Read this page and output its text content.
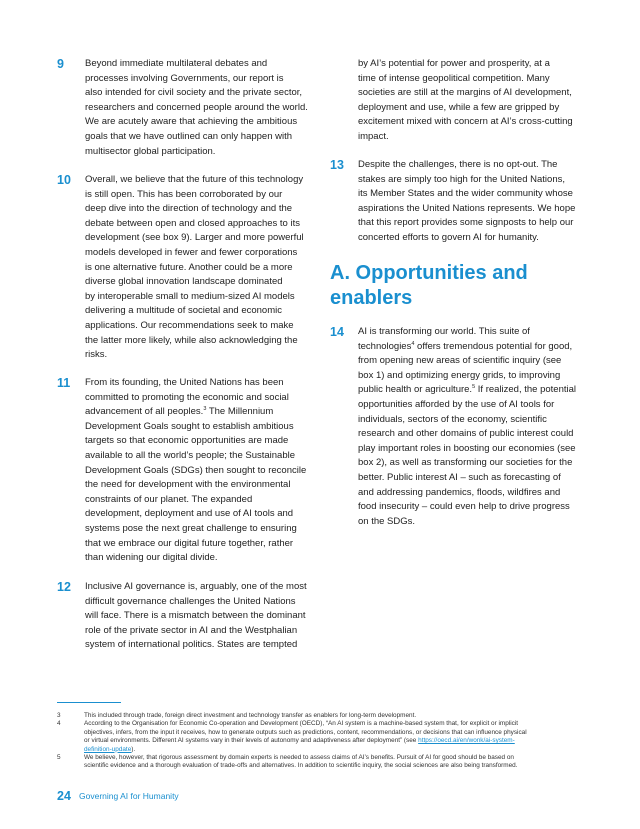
9 Beyond immediate multilateral debates and
processes involving Governments, our report is
also intended for civil society and the private sector,
researchers and concerned people around the world.
We are acutely aware that achieving the ambitious
goals that we have outlined can only happen with
multisector global participation.
10 Overall, we believe that the future of this technology
is still open. This has been corroborated by our
deep dive into the direction of technology and the
debate between open and closed approaches to its
development (see box 9). Larger and more powerful
models developed in fewer and fewer corporations
is one alternative future. Another could be a more
diverse global innovation landscape dominated
by interoperable small to medium-sized AI models
delivering a multitude of societal and economic
applications. Our recommendations seek to make
the latter more likely, while also acknowledging the
risks.
11 From its founding, the United Nations has been
committed to promoting the economic and social
advancement of all peoples.$^3$ The Millennium
Development Goals sought to establish ambitious
targets so that economic opportunities are made
available to all the world’s people; the Sustainable
Development Goals (SDGs) then sought to reconcile
the need for development with the environmental
constraints of our planet. The expanded
development, deployment and use of AI tools and
systems pose the next great challenge to ensuring
that we embrace our digital future together, rather
than widening our digital divide.
12 Inclusive AI governance is, arguably, one of the most
difficult governance challenges the United Nations
will face. There is a mismatch between the dominant
role of the private sector in AI and the Westphalian
system of international politics. States are tempted
by AI’s potential for power and prosperity, at a
time of intense geopolitical competition. Many
societies are still at the margins of AI development,
deployment and use, while a few are gripped by
excitement mixed with concern at AI’s cross-cutting
impact.
13 Despite the challenges, there is no opt-out. The
stakes are simply too high for the United Nations,
its Member States and the wider community whose
aspirations the United Nations represents. We hope
that this report provides some signposts to help our
concerted efforts to govern AI for humanity.
A. Opportunities and
enablers
14 AI is transforming our world. This suite of
technologies$^4$ offers tremendous potential for good,
from opening new areas of scientific inquiry (see
box 1) and optimizing energy grids, to improving
public health or agriculture.$^5$ If realized, the potential
opportunities afforded by the use of AI tools for
individuals, sectors of the economy, scientific
research and other domains of public interest could
play important roles in boosting our economies (see
box 2), as well as transforming our societies for the
better. Public interest AI – such as forecasting of
and addressing pandemics, floods, wildfires and
food insecurity – could even help to drive progress
on the SDGs.
3	This included through trade, foreign direct investment and technology transfer as enablers for long-term development.
4	According to the Organisation for Economic Co-operation and Development (OECD), “An AI system is a machine-based system that, for explicit or implicit
objectives, infers, from the input it receives, how to generate outputs such as predictions, content, recommendations, or decisions that can influence physical
or virtual environments. Different AI systems vary in their levels of autonomy and adaptiveness after deployment” (see https://oecd.ai/en/wonk/ai-system-
definition-update).
5	We believe, however, that rigorous assessment by domain experts is needed to assess claims of AI’s benefits. Pursuit of AI for good should be based on
scientific evidence and a thorough evaluation of trade-offs and alternatives. In addition to scientific inquiry, the social sciences are also being transformed.
24 Governing AI for Humanity
